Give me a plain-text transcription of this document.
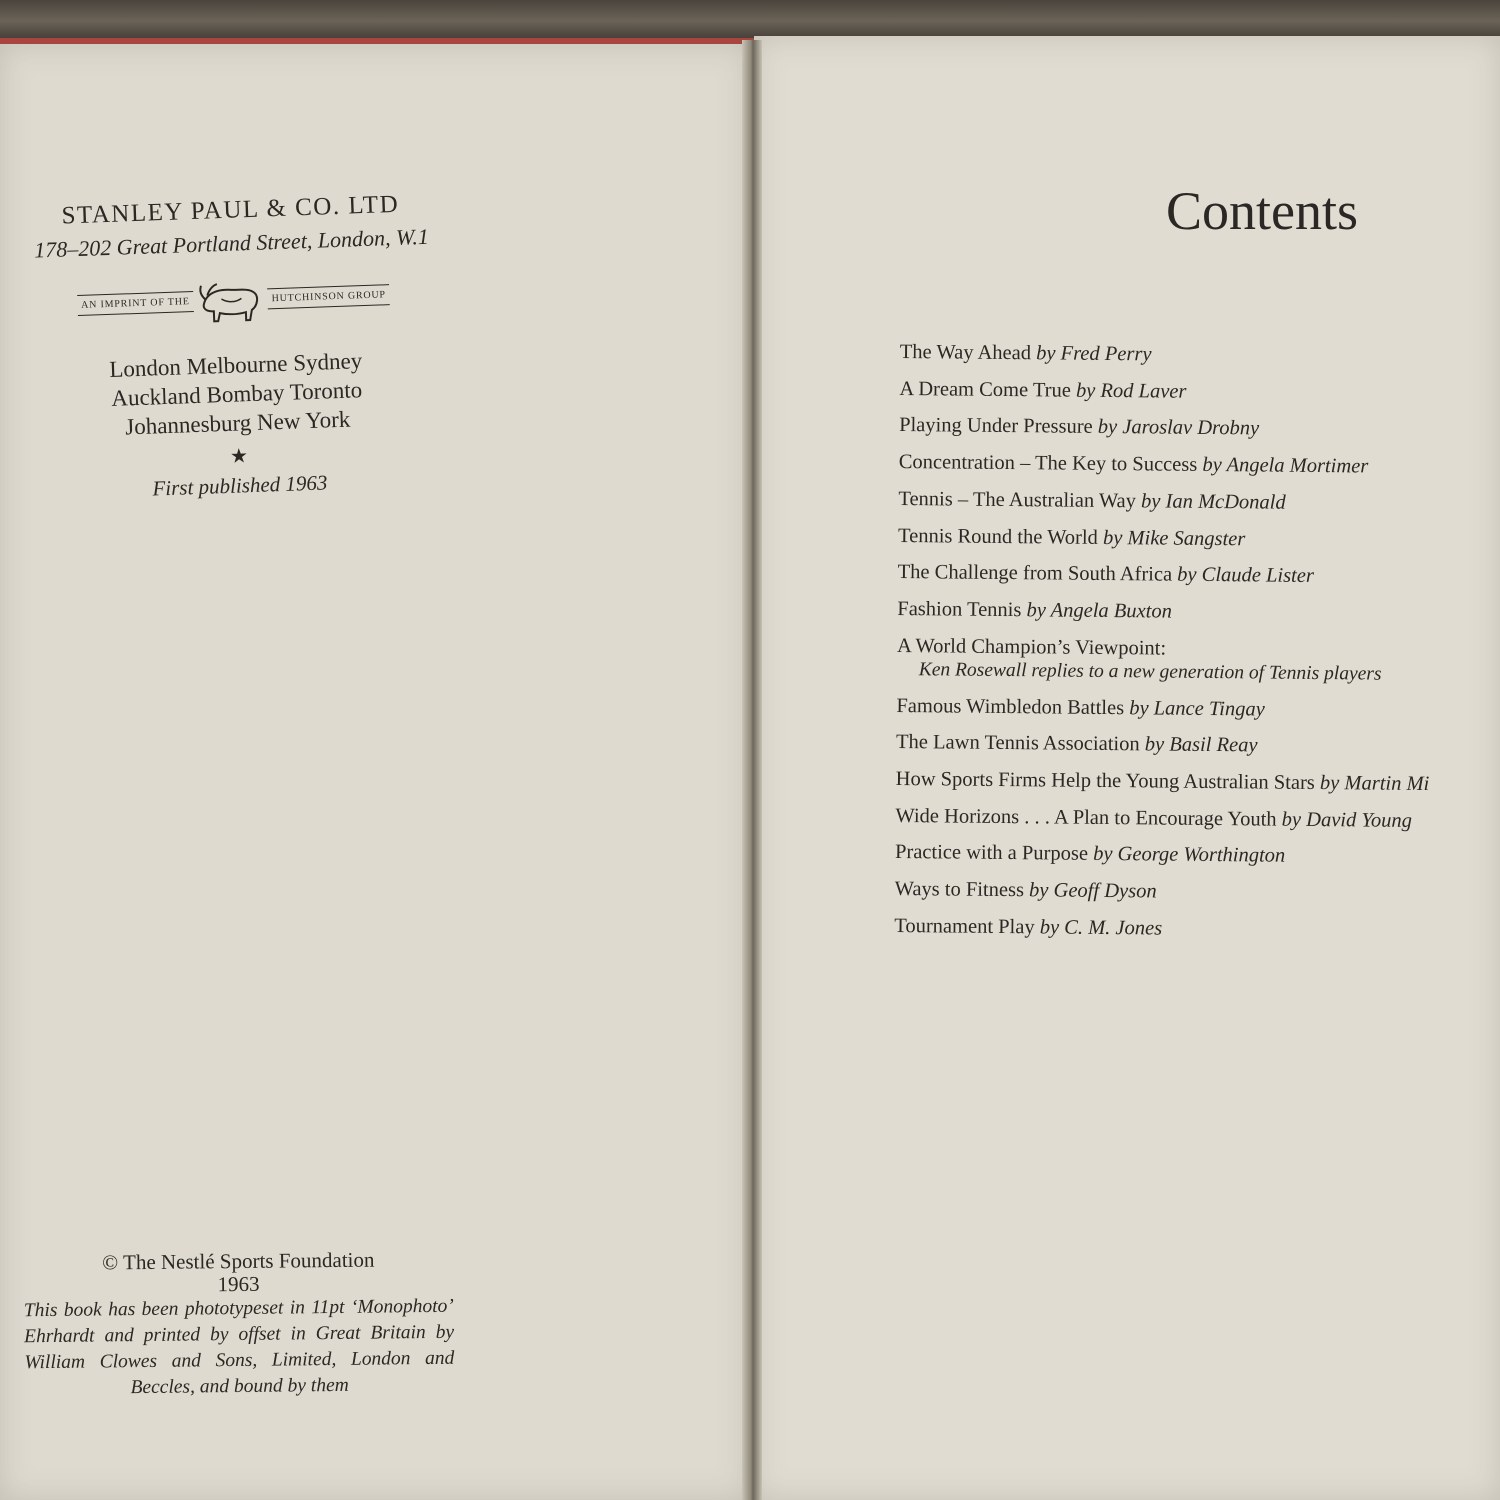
STANLEY PAUL & CO. LTD
178–202 Great Portland Street, London, W.1
AN IMPRINT OF THE	HUTCHINSON GROUP
London Melbourne Sydney
Auckland Bombay Toronto
Johannesburg New York
★
First published 1963
© The Nestlé Sports Foundation
1963
This book has been phototypeset in 11pt ‘Monophoto’ Ehrhardt and printed by offset in Great Britain by William Clowes and Sons, Limited, London and Beccles, and bound by them
Contents
The Way Ahead by Fred Perry
A Dream Come True by Rod Laver
Playing Under Pressure by Jaroslav Drobny
Concentration – The Key to Success by Angela Mortimer
Tennis – The Australian Way by Ian McDonald
Tennis Round the World by Mike Sangster
The Challenge from South Africa by Claude Lister
Fashion Tennis by Angela Buxton
A World Champion’s Viewpoint:
Ken Rosewall replies to a new generation of Tennis players
Famous Wimbledon Battles by Lance Tingay
The Lawn Tennis Association by Basil Reay
How Sports Firms Help the Young Australian Stars by Martin Mi
Wide Horizons . . . A Plan to Encourage Youth by David Young
Practice with a Purpose by George Worthington
Ways to Fitness by Geoff Dyson
Tournament Play by C. M. Jones
